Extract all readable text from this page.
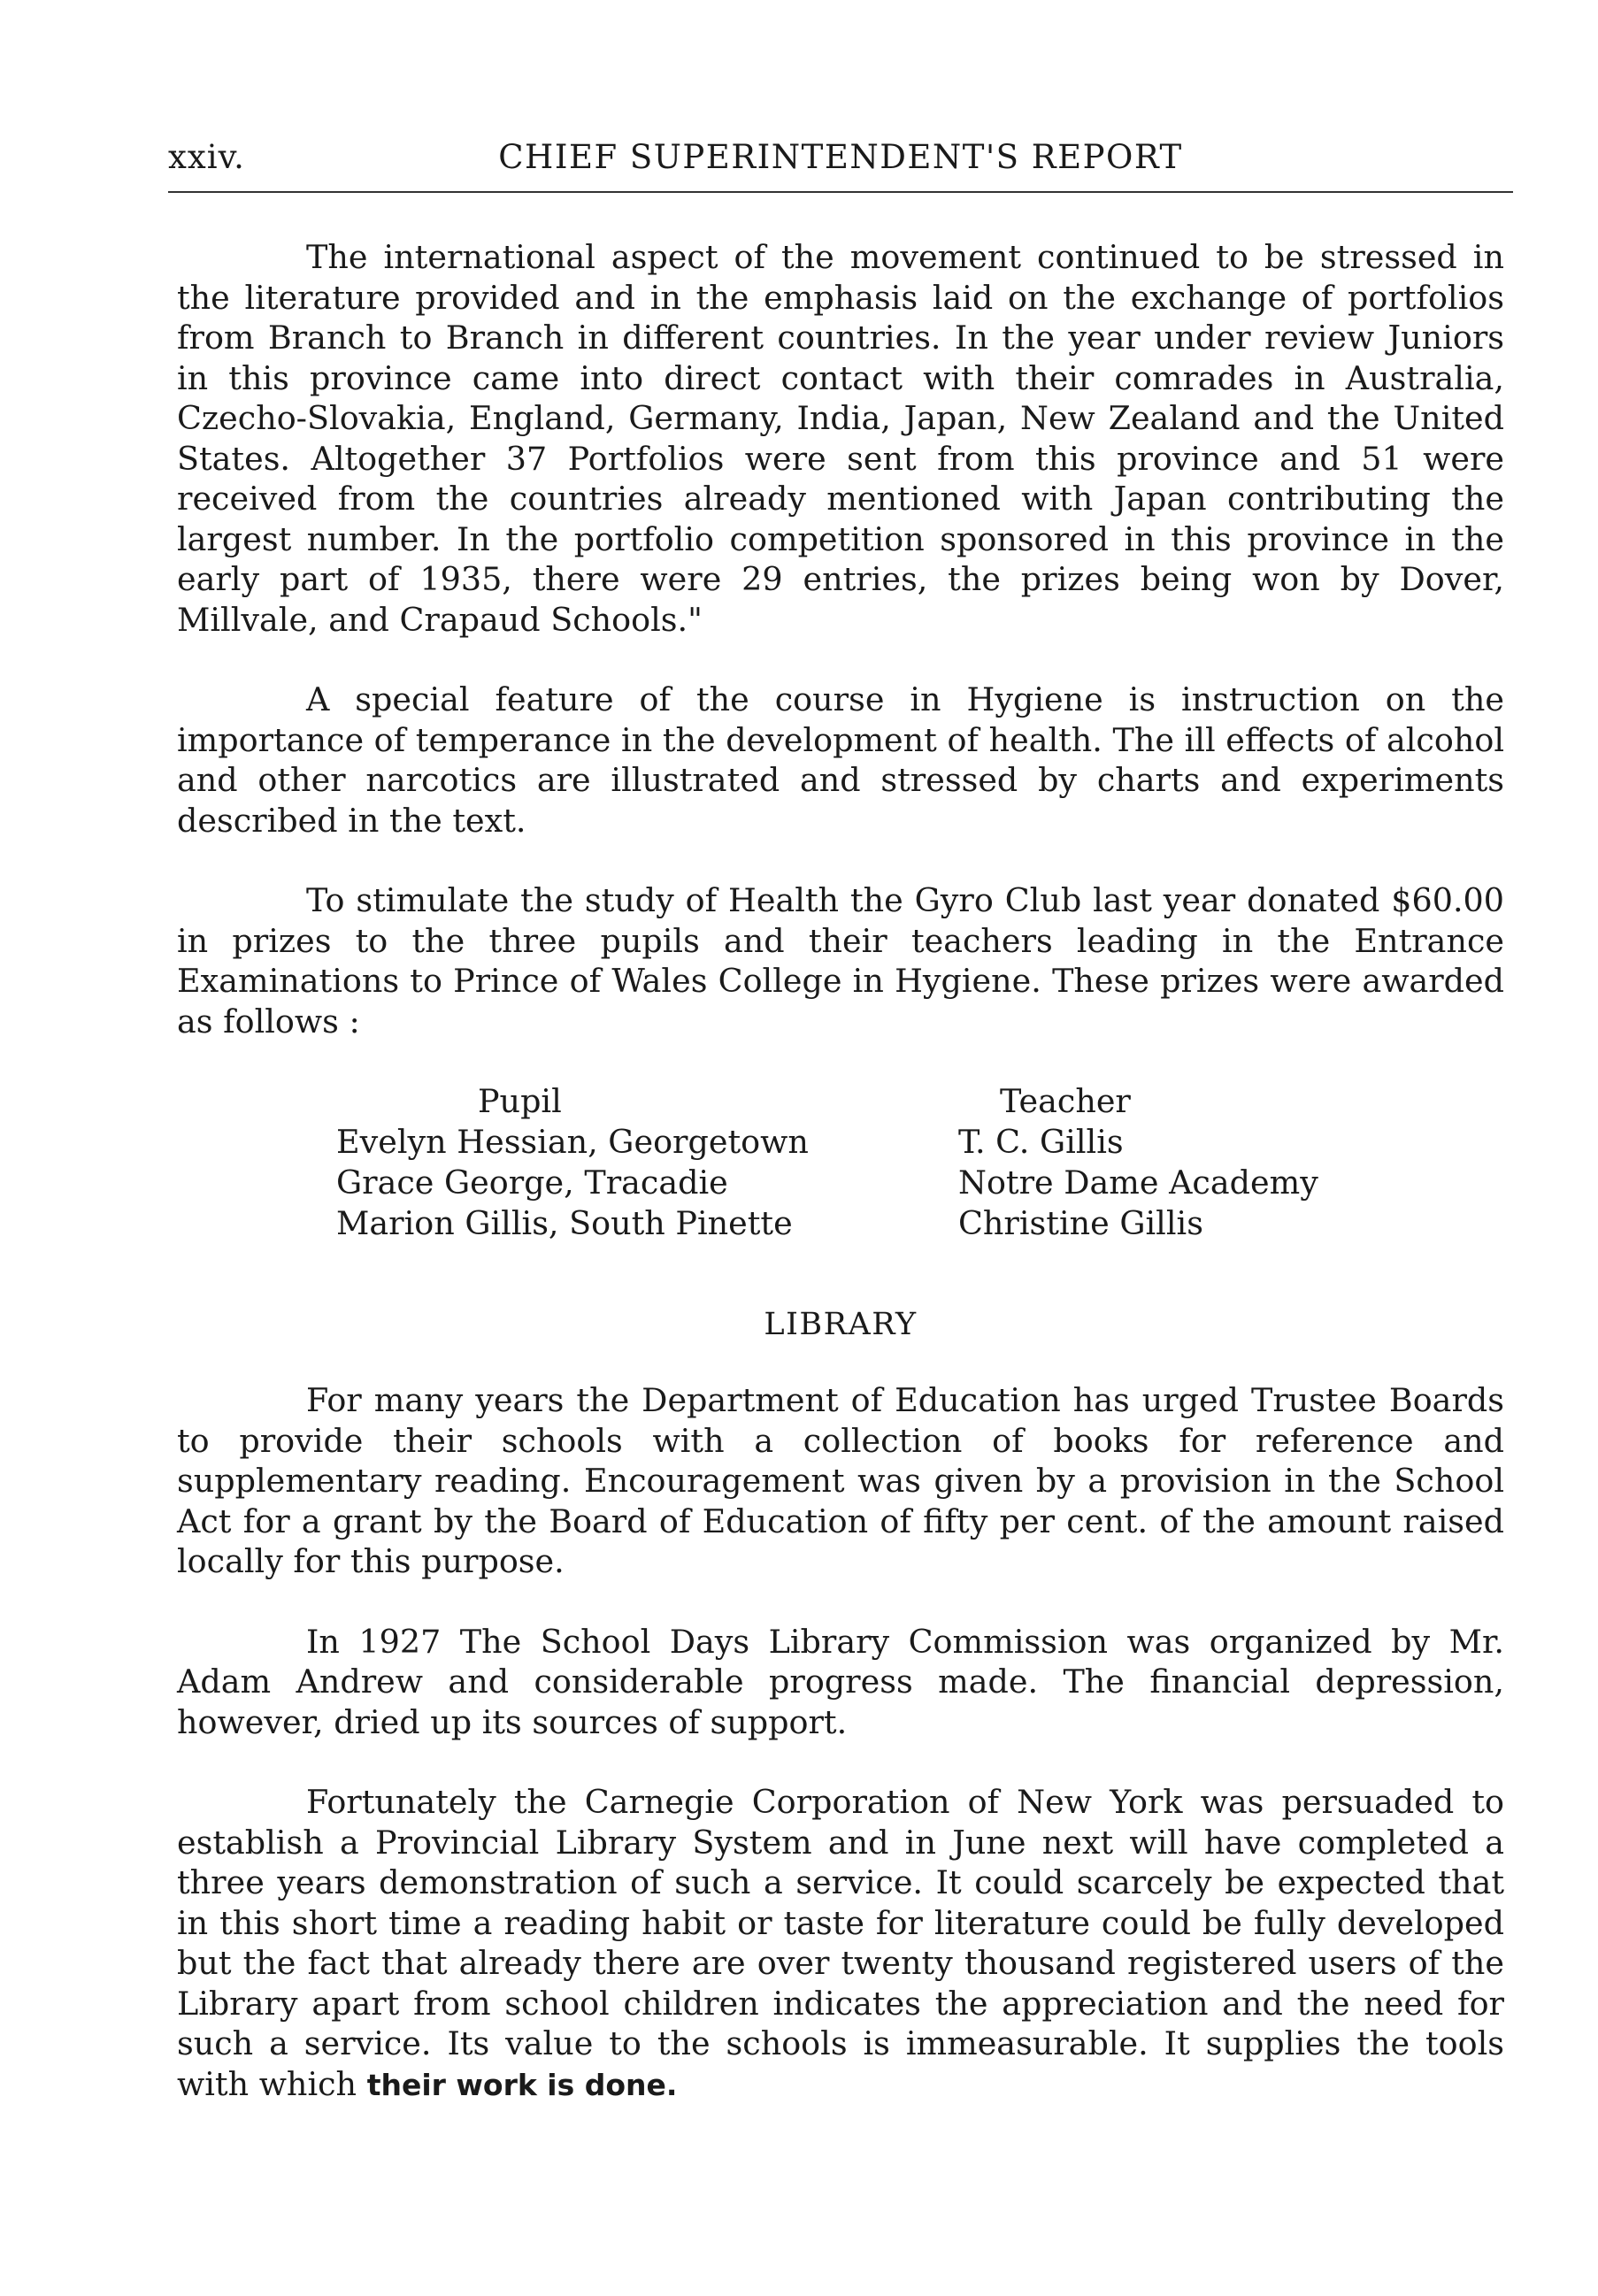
xxiv.	CHIEF SUPERINTENDENT'S REPORT

The international aspect of the movement continued to be stressed in the literature provided and in the emphasis laid on the exchange of portfolios from Branch to Branch in different countries. In the year under review Juniors in this province came into direct contact with their comrades in Australia, Czecho-Slovakia, England, Germany, India, Japan, New Zealand and the United States. Altogether 37 Portfolios were sent from this province and 51 were received from the countries already mentioned with Japan contributing the largest number. In the portfolio competition sponsored in this province in the early part of 1935, there were 29 entries, the prizes being won by Dover, Millvale, and Crapaud Schools."

A special feature of the course in Hygiene is instruction on the importance of temperance in the development of health. The ill effects of alcohol and other narcotics are illustrated and stressed by charts and experiments described in the text.

To stimulate the study of Health the Gyro Club last year donated $60.00 in prizes to the three pupils and their teachers leading in the Entrance Examinations to Prince of Wales College in Hygiene. These prizes were awarded as follows :

Pupil
Evelyn Hessian, Georgetown
Grace George, Tracadie
Marion Gillis, South Pinette
Teacher
T. C. Gillis
Notre Dame Academy
Christine Gillis
LIBRARY

For many years the Department of Education has urged Trustee Boards to provide their schools with a collection of books for reference and supplementary reading. Encouragement was given by a provision in the School Act for a grant by the Board of Education of fifty per cent. of the amount raised locally for this purpose.

In 1927 The School Days Library Commission was organized by Mr. Adam Andrew and considerable progress made. The financial depression, however, dried up its sources of support.

Fortunately the Carnegie Corporation of New York was persuaded to establish a Provincial Library System and in June next will have completed a three years demonstration of such a service. It could scarcely be expected that in this short time a reading habit or taste for literature could be fully developed but the fact that already there are over twenty thousand registered users of the Library apart from school children indicates the appreciation and the need for such a service. Its value to the schools is immeasurable. It supplies the tools with which their work is done.
